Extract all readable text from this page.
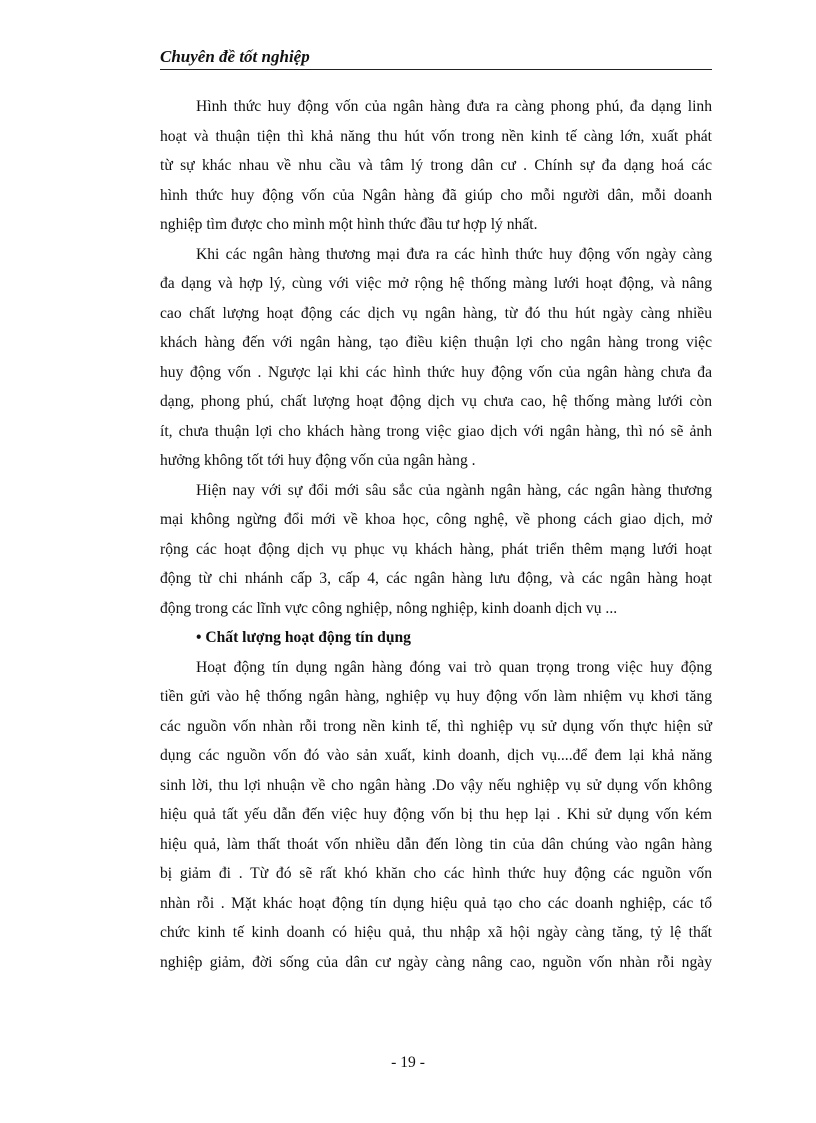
Chuyên đề tốt nghiệp
Hình thức huy động vốn của ngân hàng đưa ra càng phong phú, đa dạng linh
hoạt và thuận tiện thì khả năng thu hút vốn trong nền kinh tế càng lớn, xuất phát
từ sự khác nhau về nhu cầu và tâm lý trong dân cư . Chính sự đa dạng hoá các
hình thức huy động vốn của Ngân hàng đã giúp cho mỗi người dân, mỗi doanh
nghiệp tìm được cho mình một hình thức đầu tư hợp lý nhất.
Khi các ngân hàng thương mại đưa ra các hình thức huy động vốn ngày càng
đa dạng và hợp lý, cùng với việc mở rộng hệ thống màng lưới hoạt động, và nâng
cao chất lượng hoạt động các dịch vụ ngân hàng, từ đó thu hút ngày càng nhiều
khách hàng đến với ngân hàng, tạo điều kiện thuận lợi cho ngân hàng trong việc
huy động vốn . Ngược lại khi các hình thức huy động vốn của ngân hàng chưa đa
dạng, phong phú, chất lượng hoạt động dịch vụ chưa cao, hệ thống màng lưới còn
ít, chưa thuận lợi cho khách hàng trong việc giao dịch với ngân hàng, thì nó sẽ ảnh
hưởng không tốt tới huy động vốn của ngân hàng .
Hiện nay với sự đổi mới sâu sắc của ngành ngân hàng, các ngân hàng thương
mại không ngừng đổi mới về khoa học, công nghệ, về phong cách giao dịch, mở
rộng các hoạt động dịch vụ phục vụ khách hàng, phát triển thêm mạng lưới hoạt
động từ chi nhánh cấp 3, cấp 4, các ngân hàng lưu động, và các ngân hàng hoạt
động trong các lĩnh vực công nghiệp, nông nghiệp, kinh doanh dịch vụ ...
• Chất lượng hoạt động tín dụng
Hoạt động tín dụng ngân hàng đóng vai trò quan trọng trong việc huy động
tiền gửi vào hệ thống ngân hàng, nghiệp vụ huy động vốn làm nhiệm vụ khơi tăng
các nguồn vốn nhàn rỗi trong nền kinh tế, thì nghiệp vụ sử dụng vốn thực hiện sử
dụng các nguồn vốn đó vào sản xuất, kinh doanh, dịch vụ....để đem lại khả năng
sinh lời, thu lợi nhuận về cho ngân hàng .Do vậy nếu nghiệp vụ sử dụng vốn không
hiệu quả tất yếu dẫn đến việc huy động vốn bị thu hẹp lại . Khi sử dụng vốn kém
hiệu quả, làm thất thoát vốn nhiều dẫn đến lòng tin của dân chúng vào ngân hàng
bị giảm đi . Từ đó sẽ rất khó khăn cho các hình thức huy động các nguồn vốn
nhàn rỗi . Mặt khác hoạt động tín dụng hiệu quả tạo cho các doanh nghiệp, các tổ
chức kinh tế kinh doanh có hiệu quả, thu nhập xã hội ngày càng tăng, tỷ lệ thất
nghiệp giảm, đời sống của dân cư ngày càng nâng cao, nguồn vốn nhàn rỗi ngày
- 19 -
